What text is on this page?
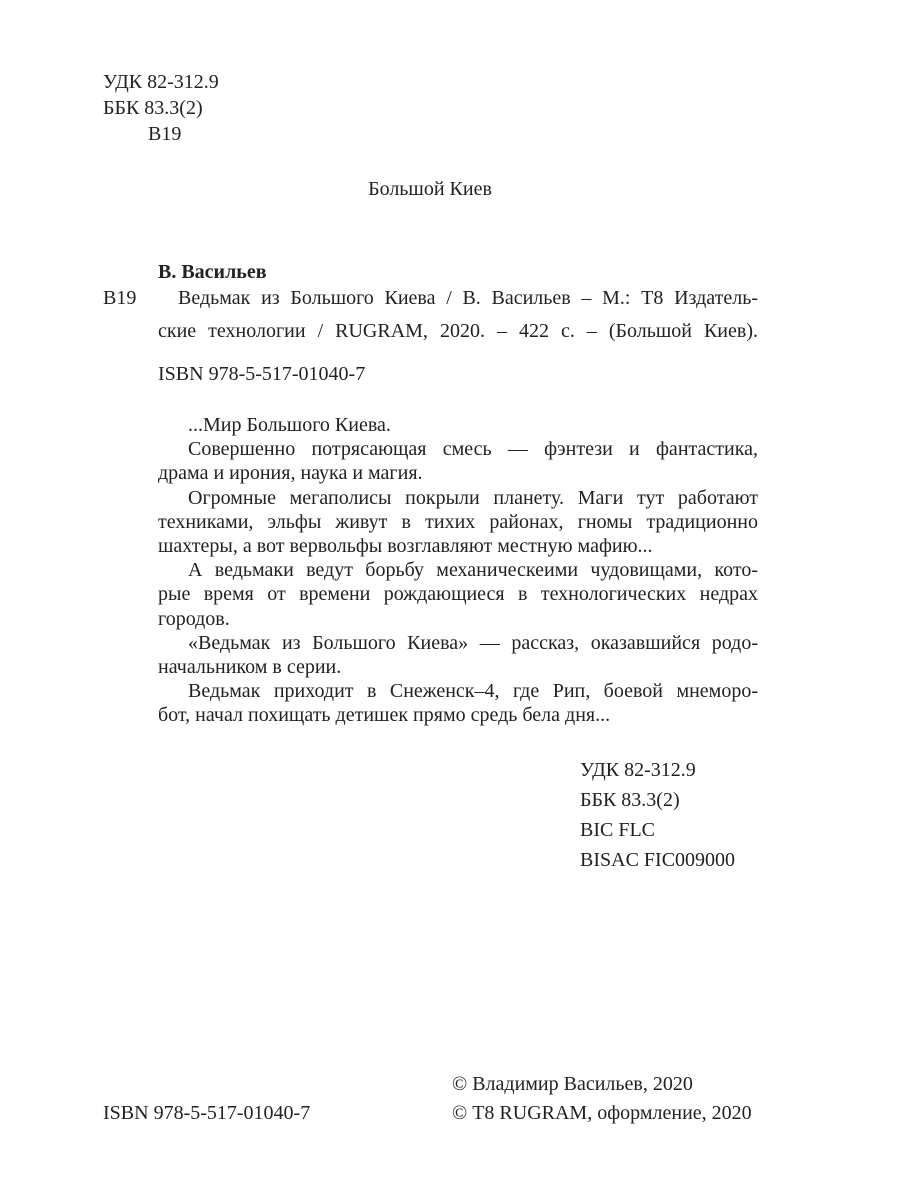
УДК 82-312.9
ББК 83.3(2)
В19
Большой Киев
В. Васильев
В19 Ведьмак из Большого Киева / В. Васильев – М.: Т8 Издатель-
ские технологии / RUGRAM, 2020. – 422 с. – (Большой Киев).
ISBN 978-5-517-01040-7
...Мир Большого Киева.
Совершенно потрясающая смесь — фэнтези и фантастика,
драма и ирония, наука и магия.
Огромные мегаполисы покрыли планету. Маги тут работают
техниками, эльфы живут в тихих районах, гномы традиционно
шахтеры, а вот вервольфы возглавляют местную мафию...
А ведьмаки ведут борьбу механическеими чудовищами, кото-
рые время от времени рождающиеся в технологических недрах
городов.
«Ведьмак из Большого Киева» — рассказ, оказавшийся родо-
начальником в серии.
Ведьмак приходит в Снеженск–4, где Рип, боевой мнеморо-
бот, начал похищать детишек прямо средь бела дня...
УДК 82-312.9
ББК 83.3(2)
BIC FLC
BISAC FIC009000
ISBN 978-5-517-01040-7
© Владимир Васильев, 2020
© Т8 RUGRAM, оформление, 2020
